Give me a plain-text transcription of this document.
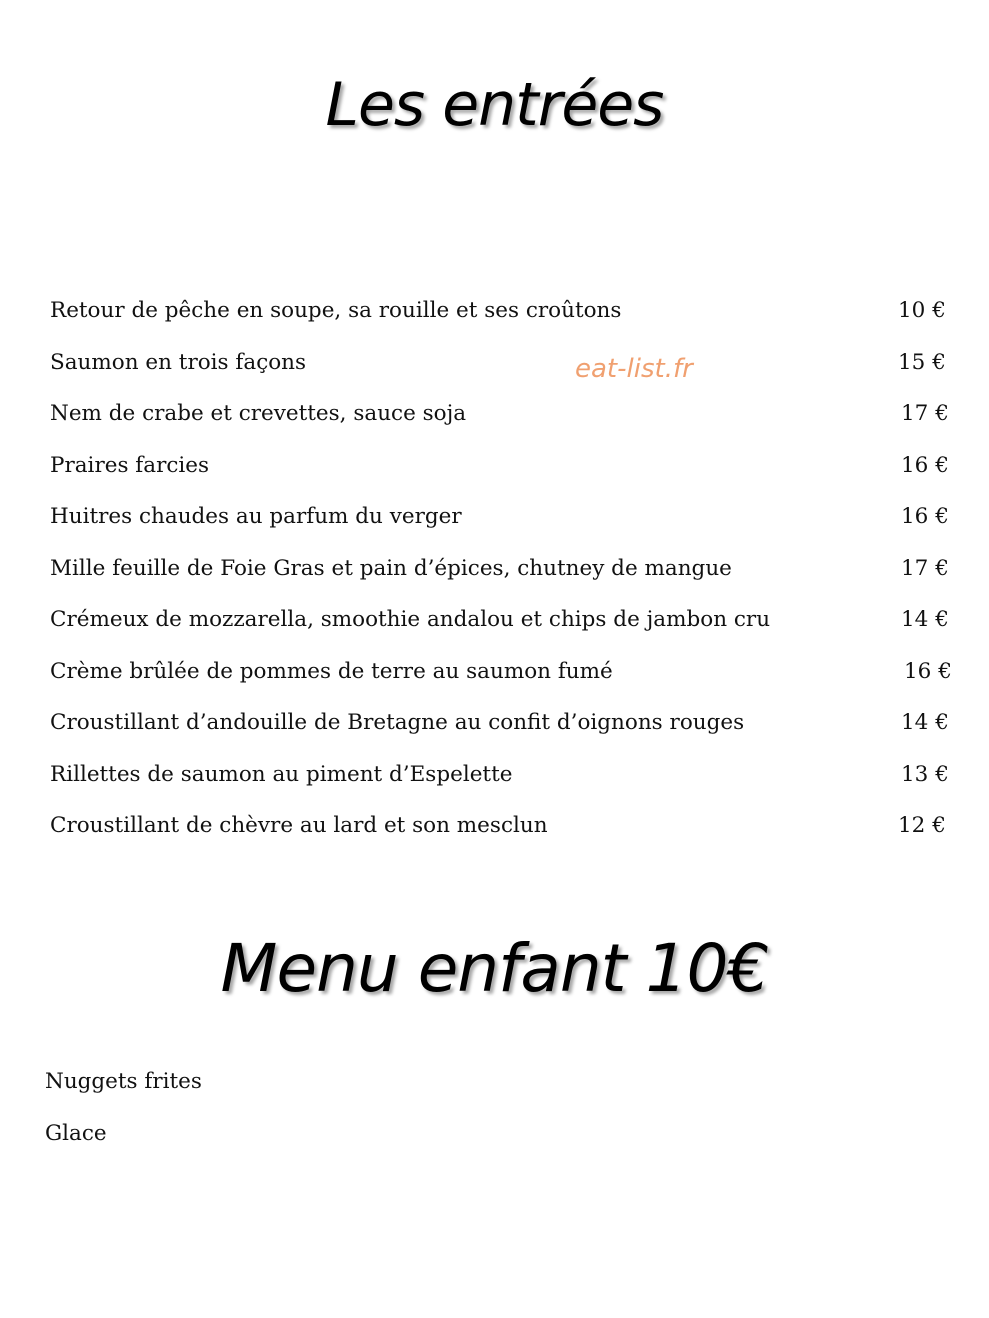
Les entrées
eat-list.fr
Retour de pêche en soupe, sa rouille et ses croûtons	10 €
Saumon en trois façons	15 €
Nem de crabe et crevettes, sauce soja	17 €
Praires farcies	16 €
Huitres chaudes au parfum du verger	16 €
Mille feuille de Foie Gras et pain d’épices, chutney de mangue	17 €
Crémeux de mozzarella, smoothie andalou et chips de jambon cru	14 €
Crème brûlée de pommes de terre au saumon fumé	16 €
Croustillant d’andouille de Bretagne au confit d’oignons rouges	14 €
Rillettes de saumon au piment d’Espelette	13 €
Croustillant de chèvre au lard et son mesclun	12 €
Menu enfant 10€
Nuggets frites
Glace
